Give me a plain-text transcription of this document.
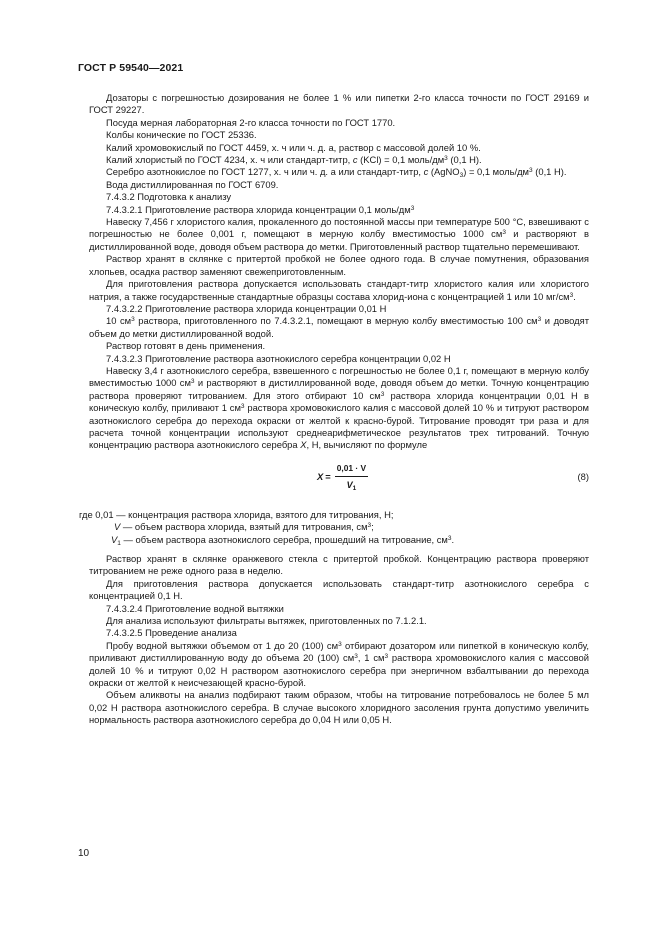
ГОСТ Р 59540—2021

Дозаторы с погрешностью дозирования не более 1 % или пипетки 2-го класса точности по ГОСТ 29169 и ГОСТ 29227.

Посуда мерная лабораторная 2-го класса точности по ГОСТ 1770.

Колбы конические по ГОСТ 25336.

Калий хромовокислый по ГОСТ 4459, х. ч или ч. д. а, раствор с массовой долей 10 %.

Калий хлористый по ГОСТ 4234, х. ч или стандарт-титр, c (KCl) = 0,1 моль/$дм^3$ (0,1 Н).

Серебро азотнокислое по ГОСТ 1277, х. ч или ч. д. а или стандарт-титр, c (AgNO$_3$) = 0,1 моль/$дм^3$ (0,1 Н).

Вода дистиллированная по ГОСТ 6709.

7.4.3.2 Подготовка к анализу

7.4.3.2.1 Приготовление раствора хлорида концентрации 0,1 моль/$дм^3$

Навеску 7,456 г хлористого калия, прокаленного до постоянной массы при температуре 500 °С, взвешивают с погрешностью не более 0,001 г, помещают в мерную колбу вместимостью 1000 $см^3$ и растворяют в дистиллированной воде, доводя объем раствора до метки. Приготовленный раствор тщательно перемешивают.

Раствор хранят в склянке с притертой пробкой не более одного года. В случае помутнения, образования хлопьев, осадка раствор заменяют свежеприготовленным.

Для приготовления раствора допускается использовать стандарт-титр хлористого калия или хлористого натрия, а также государственные стандартные образцы состава хлорид-иона с концентрацией 1 или 10 $мг/см^3$.

7.4.3.2.2 Приготовление раствора хлорида концентрации 0,01 Н

10 $см^3$ раствора, приготовленного по 7.4.3.2.1, помещают в мерную колбу вместимостью 100 $см^3$ и доводят объем до метки дистиллированной водой.

Раствор готовят в день применения.

7.4.3.2.3 Приготовление раствора азотнокислого серебра концентрации 0,02 Н

Навеску 3,4 г азотнокислого серебра, взвешенного с погрешностью не более 0,1 г, помещают в мерную колбу вместимостью 1000 $см^3$ и растворяют в дистиллированной воде, доводя объем до метки. Точную концентрацию раствора проверяют титрованием. Для этого отбирают 10 $см^3$ раствора хлорида концентрации 0,01 Н в коническую колбу, приливают 1 $см^3$ раствора хромовокислого калия с массовой долей 10 % и титруют раствором азотнокислого серебра до перехода окраски от желтой к красно-бурой. Титрование проводят три раза и для расчета точной концентрации используют среднеарифметическое результатов трех титрований. Точную концентрацию раствора азотнокислого серебра X, Н, вычисляют по формуле

$X = \frac{0,01 \cdot V}{V_1}$	(8)
где 0,01 — концентрация раствора хлорида, взятого для титрования, Н;
V — объем раствора хлорида, взятый для титрования, $см^3$;
$V_1$ — объем раствора азотнокислого серебра, прошедший на титрование, $см^3$.

Раствор хранят в склянке оранжевого стекла с притертой пробкой. Концентрацию раствора проверяют титрованием не реже одного раза в неделю.

Для приготовления раствора допускается использовать стандарт-титр азотнокислого серебра с концентрацией 0,1 Н.

7.4.3.2.4 Приготовление водной вытяжки

Для анализа используют фильтраты вытяжек, приготовленных по 7.1.2.1.

7.4.3.2.5 Проведение анализа

Пробу водной вытяжки объемом от 1 до 20 (100) $см^3$ отбирают дозатором или пипеткой в коническую колбу, приливают дистиллированную воду до объема 20 (100) $см^3$, 1 $см^3$ раствора хромовокислого калия с массовой долей 10 % и титруют 0,02 Н раствором азотнокислого серебра при энергичном взбалтывании до перехода окраски от желтой к неисчезающей красно-бурой.

Объем аликвоты на анализ подбирают таким образом, чтобы на титрование потребовалось не более 5 мл 0,02 Н раствора азотнокислого серебра. В случае высокого хлоридного засоления грунта допустимо увеличить нормальность раствора азотнокислого серебра до 0,04 Н или 0,05 Н.

10
